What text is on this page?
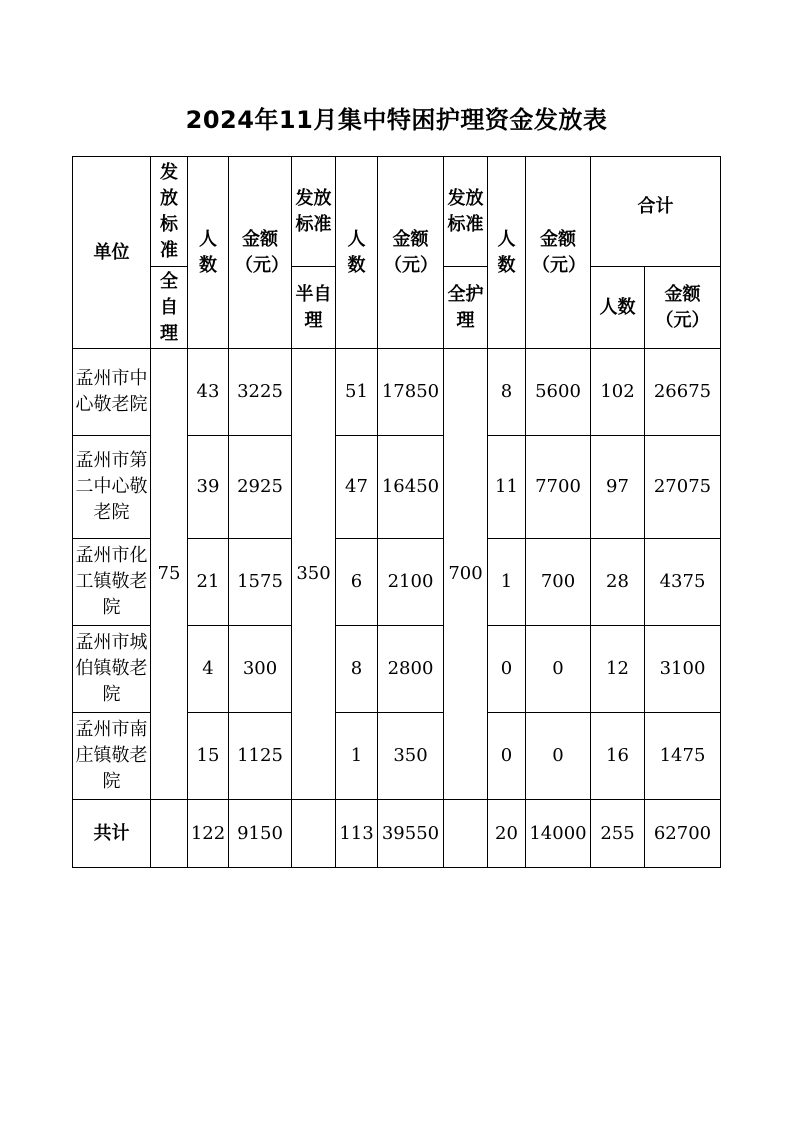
2024年11月集中特困护理资金发放表
单位	发放标准	人数	金额（元）	发放标准	人数	金额（元）	发放标准	人数	金额（元）	合计	

	全自理			半自理			全护理			人数	金额（元）

孟州市中心敬老院	75	43	3225	350	51	17850	700	8	5600	102	26675

孟州市第二中心敬老院		39	2925		47	16450		11	7700	97	27075

孟州市化工镇敬老院		21	1575		6	2100		1	700	28	4375

孟州市城伯镇敬老院		4	300		8	2800		0	0	12	3100

孟州市南庄镇敬老院		15	1125		1	350		0	0	16	1475
共计		122	9150		113	39550		20	14000	255	62700
